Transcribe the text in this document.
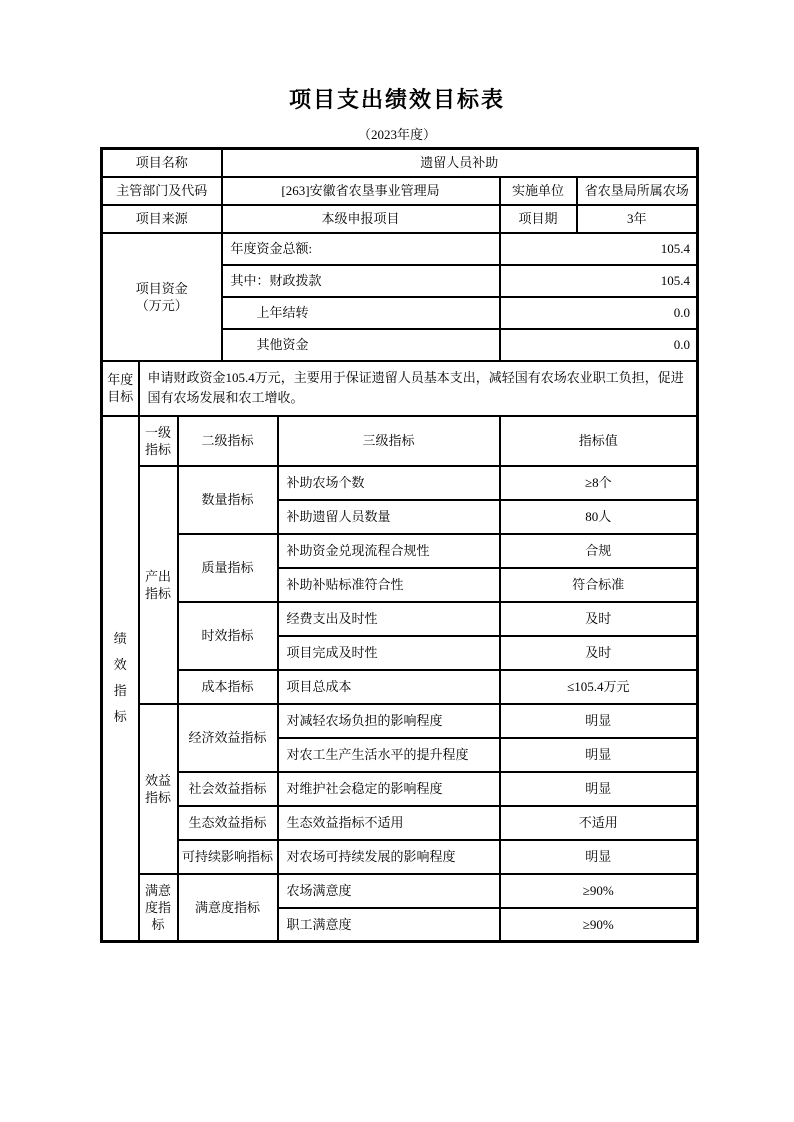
项目支出绩效目标表
（2023年度）
项目名称			遗留人员补助			
主管部门及代码			[263]安徽省农垦事业管理局		实施单位	省农垦局所属农场
项目来源			本级申报项目		项目期	3年

项目资金
（万元）			年度资金总额:		105.4	
			其中：财政拨款		105.4	
			上年结转		0.0	
			其他资金		0.0	

年度目标	申请财政资金105.4万元，主要用于保证遗留人员基本支出，减轻国有农场农业职工负担，促进国有农场发展和农工增收。					

绩效指标	一级指标	二级指标		三级指标	指标值	

	产出指标	数量指标		补助农场个数	≥8个	
				补助遗留人员数量	80人	
		质量指标		补助资金兑现流程合规性	合规	
				补助补贴标准符合性	符合标准	
		时效指标		经费支出及时性	及时	
				项目完成及时性	及时	
		成本指标		项目总成本	≤105.4万元	

	效益指标	经济效益指标		对减轻农场负担的影响程度	明显	
				对农工生产生活水平的提升程度	明显	
		社会效益指标		对维护社会稳定的影响程度	明显	
		生态效益指标		生态效益指标不适用	不适用	
		可持续影响指标		对农场可持续发展的影响程度	明显	

	满意度指标	满意度指标		农场满意度	≥90%	
				职工满意度	≥90%	
